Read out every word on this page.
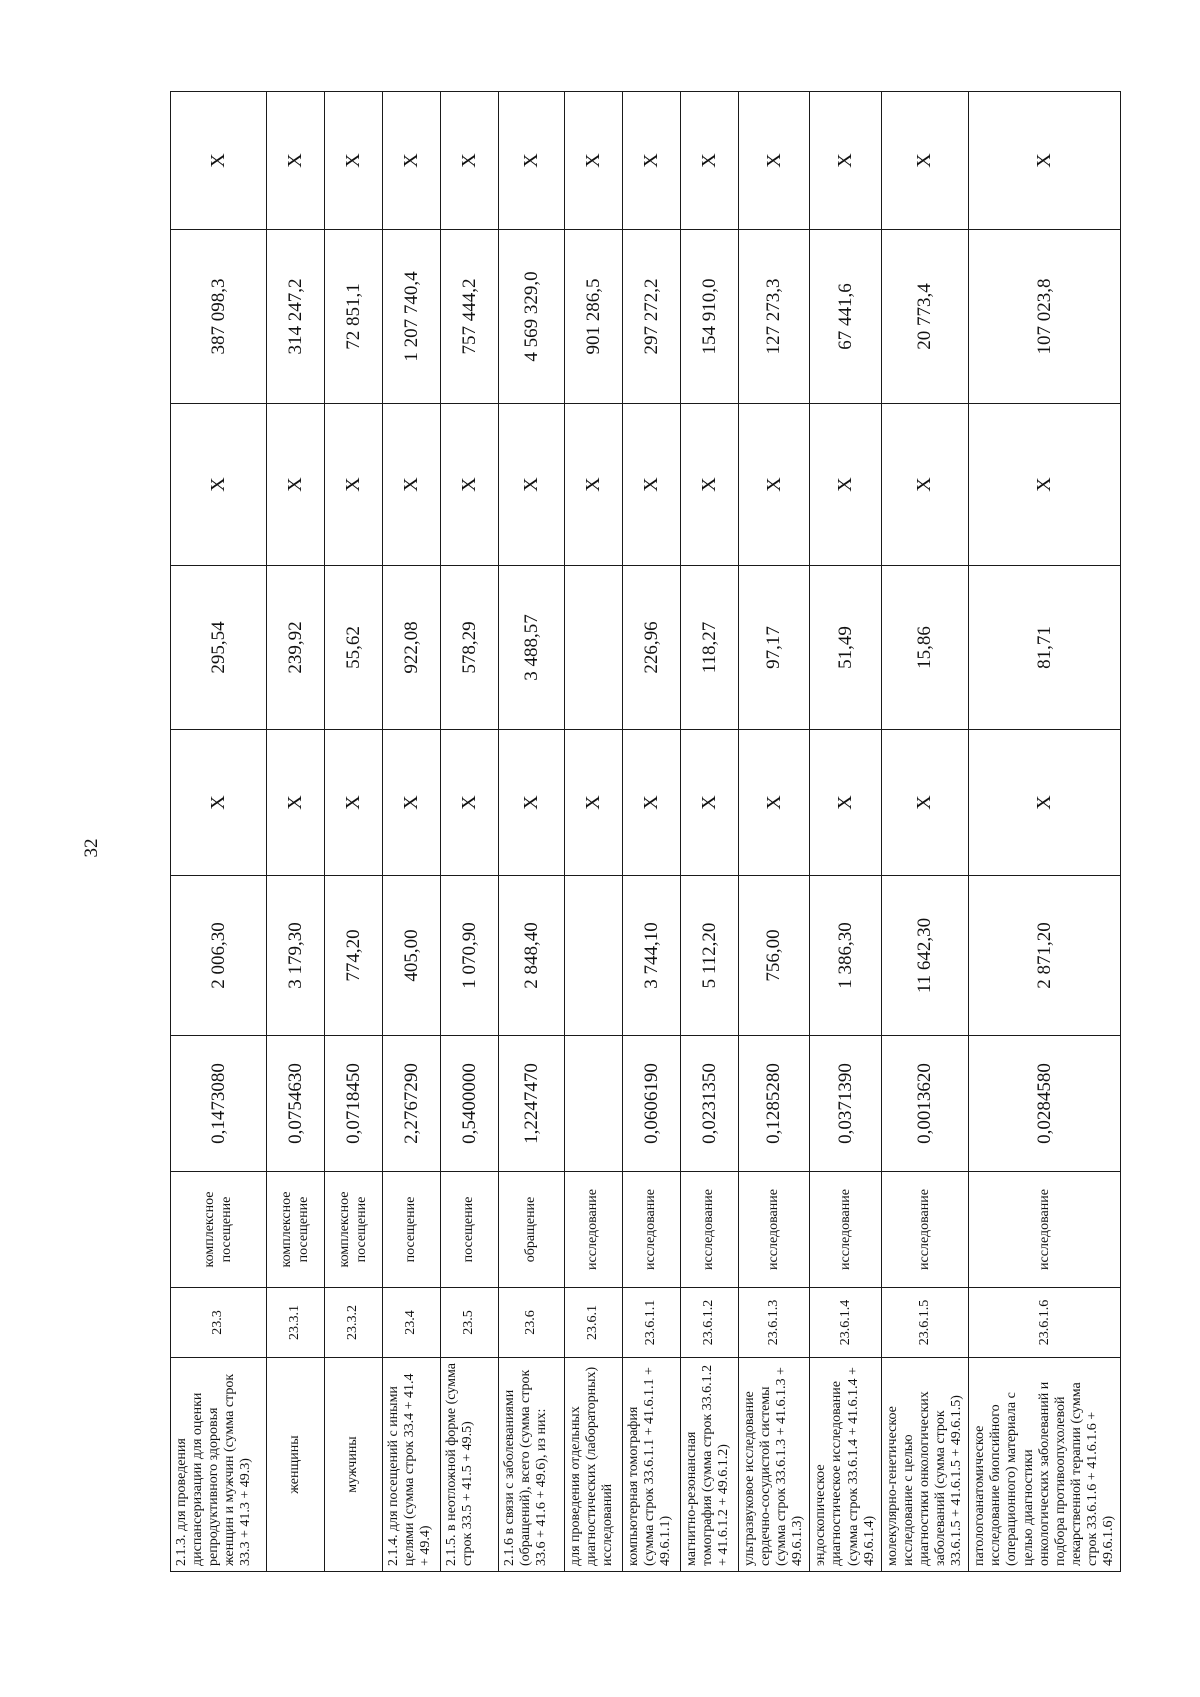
32
2.1.3. для проведения диспансеризации для оценки репродуктивного здоровья женщин и мужчин (сумма строк 33.3 + 41.3 + 49.3)	23.3	комплексное посещение	0,1473080	2 006,30	X	295,54	X	387 098,3	X
женщины	23.3.1	комплексное посещение	0,0754630	3 179,30	X	239,92	X	314 247,2	X
мужчины	23.3.2	комплексное посещение	0,0718450	774,20	X	55,62	X	72 851,1	X
2.1.4. для посещений с иными целями (сумма строк 33.4 + 41.4 + 49.4)	23.4	посещение	2,2767290	405,00	X	922,08	X	1 207 740,4	X
2.1.5. в неотложной форме (сумма строк 33.5 + 41.5 + 49.5)	23.5	посещение	0,5400000	1 070,90	X	578,29	X	757 444,2	X
2.1.6 в связи с заболеваниями (обращений), всего (сумма строк 33.6 + 41.6 + 49.6), из них:	23.6	обращение	1,2247470	2 848,40	X	3 488,57	X	4 569 329,0	X
для проведения отдельных диагностических (лабораторных) исследований	23.6.1	исследование			X		X	901 286,5	X
компьютерная томография (сумма строк 33.6.1.1 + 41.6.1.1 + 49.6.1.1)	23.6.1.1	исследование	0,0606190	3 744,10	X	226,96	X	297 272,2	X
магнитно-резонансная томография (сумма строк 33.6.1.2 + 41.6.1.2 + 49.6.1.2)	23.6.1.2	исследование	0,0231350	5 112,20	X	118,27	X	154 910,0	X
ультразвуковое исследование сердечно-сосудистой системы (сумма строк 33.6.1.3 + 41.6.1.3 + 49.6.1.3)	23.6.1.3	исследование	0,1285280	756,00	X	97,17	X	127 273,3	X
эндоскопическое диагностическое исследование (сумма строк 33.6.1.4 + 41.6.1.4 + 49.6.1.4)	23.6.1.4	исследование	0,0371390	1 386,30	X	51,49	X	67 441,6	X
молекулярно-генетическое исследование с целью диагностики онкологических заболеваний (сумма строк 33.6.1.5 + 41.6.1.5 + 49.6.1.5)	23.6.1.5	исследование	0,0013620	11 642,30	X	15,86	X	20 773,4	X
патологоанатомическое исследование биопсийного (операционного) материала с целью диагностики онкологических заболеваний и подбора противоопухолевой лекарственной терапии (сумма строк 33.6.1.6 + 41.6.1.6 + 49.6.1.6)	23.6.1.6	исследование	0,0284580	2 871,20	X	81,71	X	107 023,8	X
